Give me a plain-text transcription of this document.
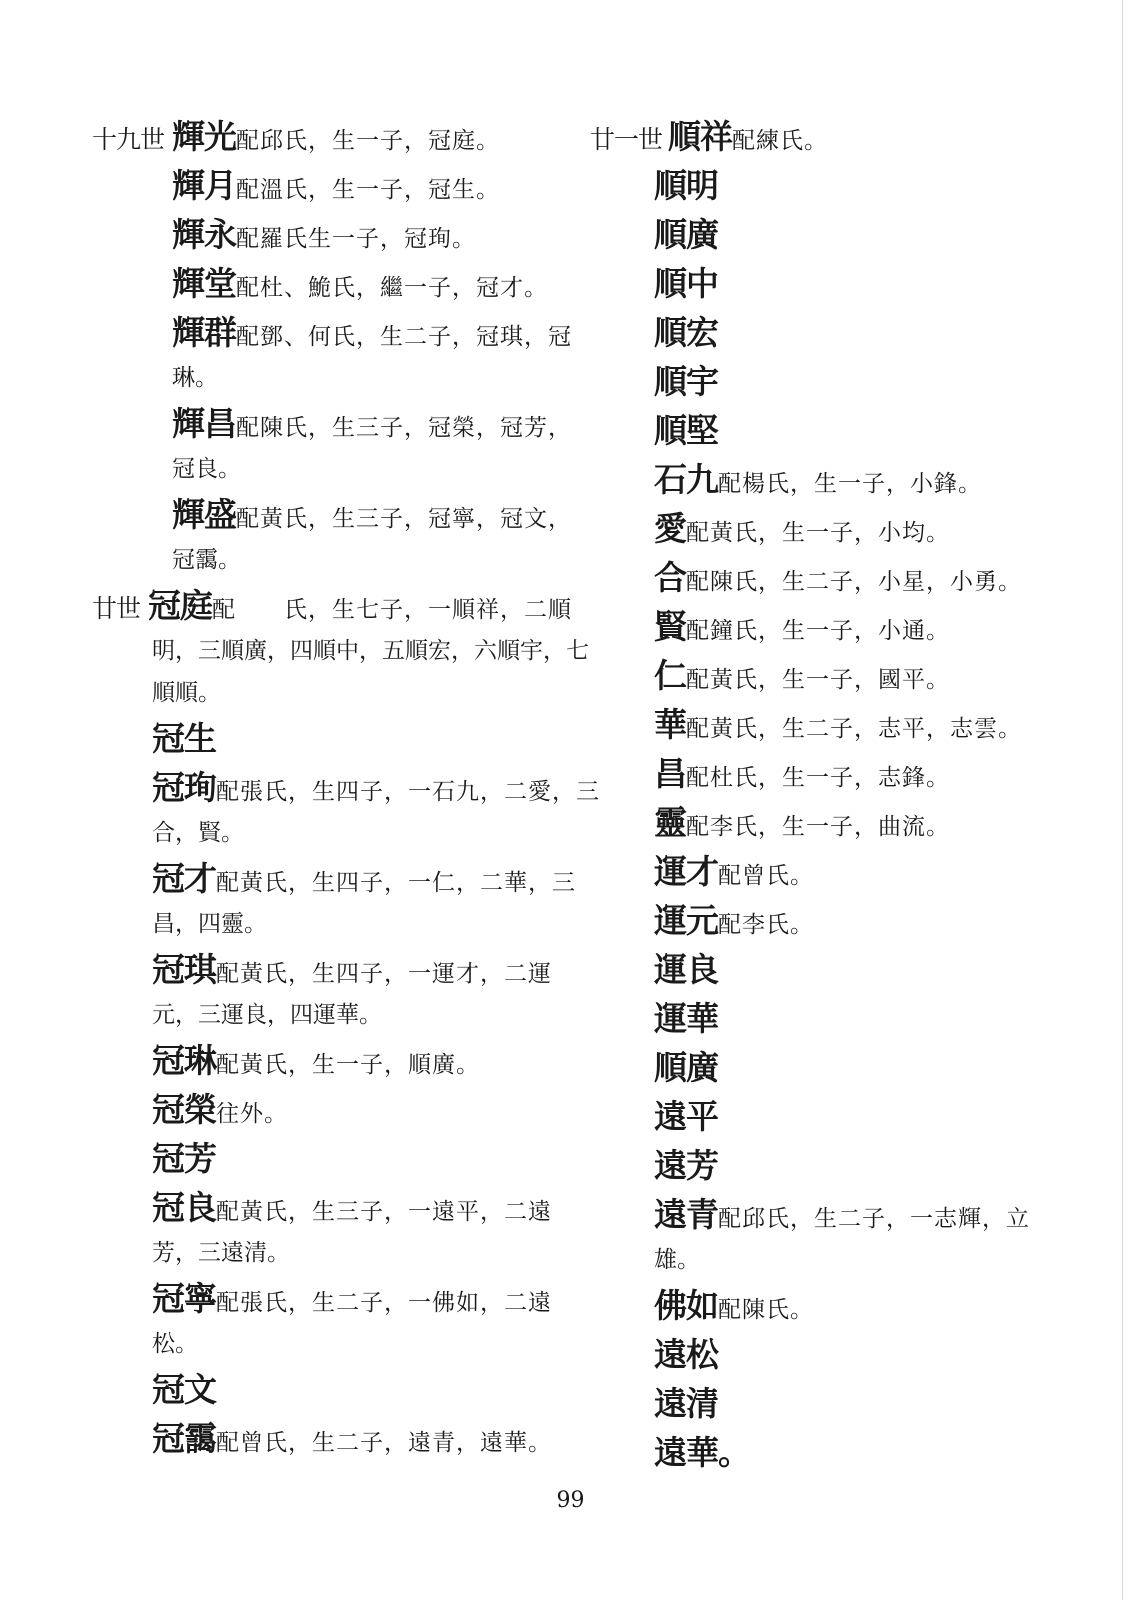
十九世 輝光配邱氏，生一子，冠庭。

輝月配溫氏，生一子，冠生。

輝永配羅氏生一子，冠珣。

輝堂配杜、鮠氏，繼一子，冠才。

輝群配鄧、何氏，生二子，冠琪，冠

琳。

輝昌配陳氏，生三子，冠榮，冠芳，

冠良。

輝盛配黃氏，生三子，冠寧，冠文，

冠靄。

廿世 冠庭配　　氏，生七子，一順祥，二順

明，三順廣，四順中，五順宏，六順宇，七

順順。

冠生

冠珣配張氏，生四子，一石九，二愛，三

合，賢。

冠才配黃氏，生四子，一仁，二華，三

昌，四靈。

冠琪配黃氏，生四子，一運才，二運

元，三運良，四運華。

冠琳配黃氏，生一子，順廣。

冠榮往外。

冠芳

冠良配黃氏，生三子，一遠平，二遠

芳，三遠清。

冠寧配張氏，生二子，一佛如，二遠

松。

冠文

冠靄配曾氏，生二子，遠青，遠華。

廿一世 順祥配練氏。

順明

順廣

順中

順宏

順宇

順堅

石九配楊氏，生一子，小鋒。

愛配黃氏，生一子，小均。

合配陳氏，生二子，小星，小勇。

賢配鐘氏，生一子，小通。

仁配黃氏，生一子，國平。

華配黃氏，生二子，志平，志雲。

昌配杜氏，生一子，志鋒。

靈配李氏，生一子，曲流。

運才配曾氏。

運元配李氏。

運良

運華

順廣

遠平

遠芳

遠青配邱氏，生二子，一志輝，立

雄。

佛如配陳氏。

遠松

遠清

遠華。

99
